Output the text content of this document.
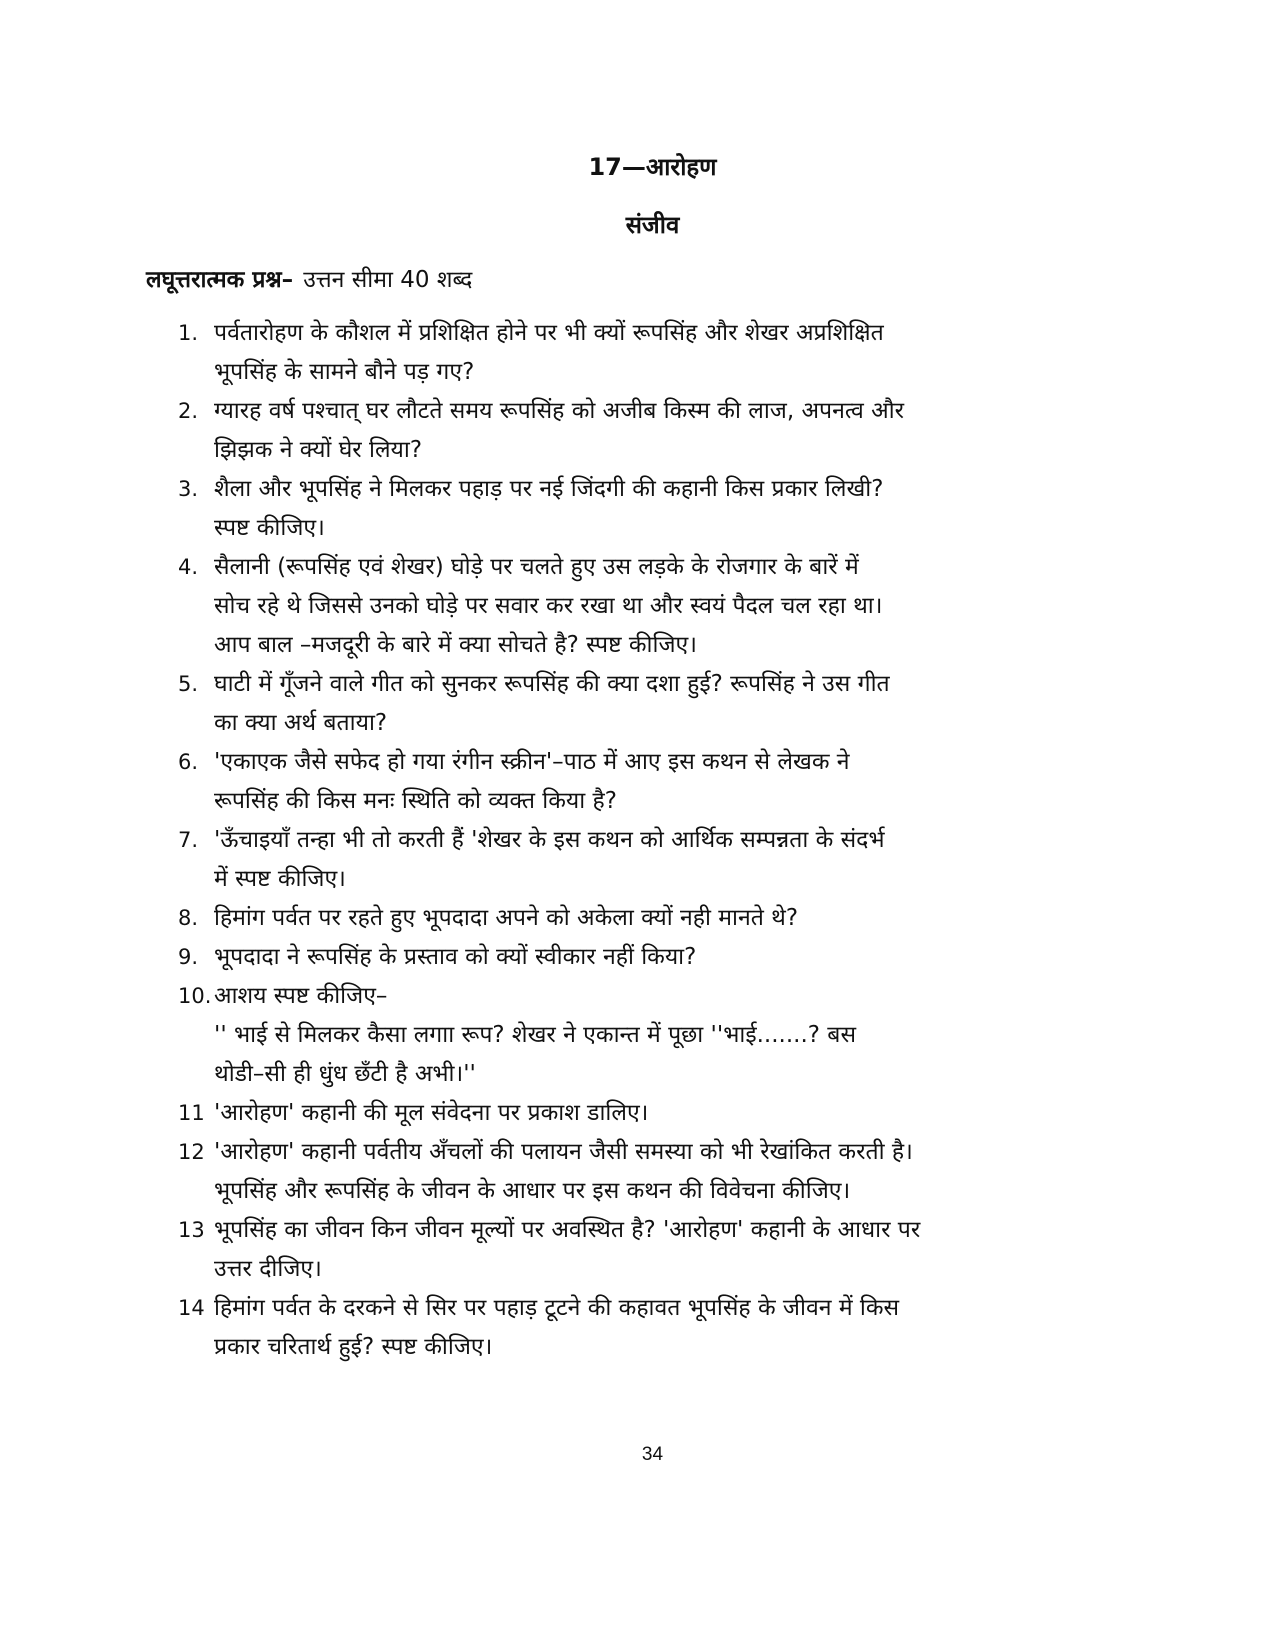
17—आरोहण
संजीव
लघूत्तरात्मक प्रश्न– उत्तन सीमा 40 शब्द
1. पर्वतारोहण के कौशल में प्रशिक्षित होने पर भी क्यों रूपसिंह और शेखर अप्रशिक्षित
भूपसिंह के सामने बौने पड़ गए?
2. ग्यारह वर्ष पश्चात् घर लौटते समय रूपसिंह को अजीब किस्म की लाज, अपनत्व और
झिझक ने क्यों घेर लिया?
3. शैला और भूपसिंह ने मिलकर पहाड़ पर नई जिंदगी की कहानी किस प्रकार लिखी?
स्पष्ट कीजिए।
4. सैलानी (रूपसिंह एवं शेखर) घोड़े पर चलते हुए उस लड़के के रोजगार के बारें में
सोच रहे थे जिससे उनको घोड़े पर सवार कर रखा था और स्वयं पैदल चल रहा था।
आप बाल –मजदूरी के बारे में क्या सोचते है? स्पष्ट कीजिए।
5. घाटी में गूँजने वाले गीत को सुनकर रूपसिंह की क्या दशा हुई? रूपसिंह ने उस गीत
का क्या अर्थ बताया?
6. 'एकाएक जैसे सफेद हो गया रंगीन स्क्रीन'–पाठ में आए इस कथन से लेखक ने
रूपसिंह की किस मनः स्थिति को व्यक्त किया है?
7. 'ऊँचाइयाँ तन्हा भी तो करती हैं 'शेखर के इस कथन को आर्थिक सम्पन्नता के संदर्भ
में स्पष्ट कीजिए।
8. हिमांग पर्वत पर रहते हुए भूपदादा अपने को अकेला क्यों नही मानते थे?
9. भूपदादा ने रूपसिंह के प्रस्ताव को क्यों स्वीकार नहीं किया?
10. आशय स्पष्ट कीजिए–
'' भाई से मिलकर कैसा लगाा रूप? शेखर ने एकान्त में पूछा ''भाई.......? बस
थोडी–सी ही धुंध छँटी है अभी।''
11 'आरोहण' कहानी की मूल संवेदना पर प्रकाश डालिए।
12 'आरोहण' कहानी पर्वतीय अँचलों की पलायन जैसी समस्या को भी रेखांकित करती है।
भूपसिंह और रूपसिंह के जीवन के आधार पर इस कथन की विवेचना कीजिए।
13 भूपसिंह का जीवन किन जीवन मूल्यों पर अवस्थित है? 'आरोहण' कहानी के आधार पर
उत्तर दीजिए।
14 हिमांग पर्वत के दरकने से सिर पर पहाड़ टूटने की कहावत भूपसिंह के जीवन में किस
प्रकार चरितार्थ हुई? स्पष्ट कीजिए।
34
